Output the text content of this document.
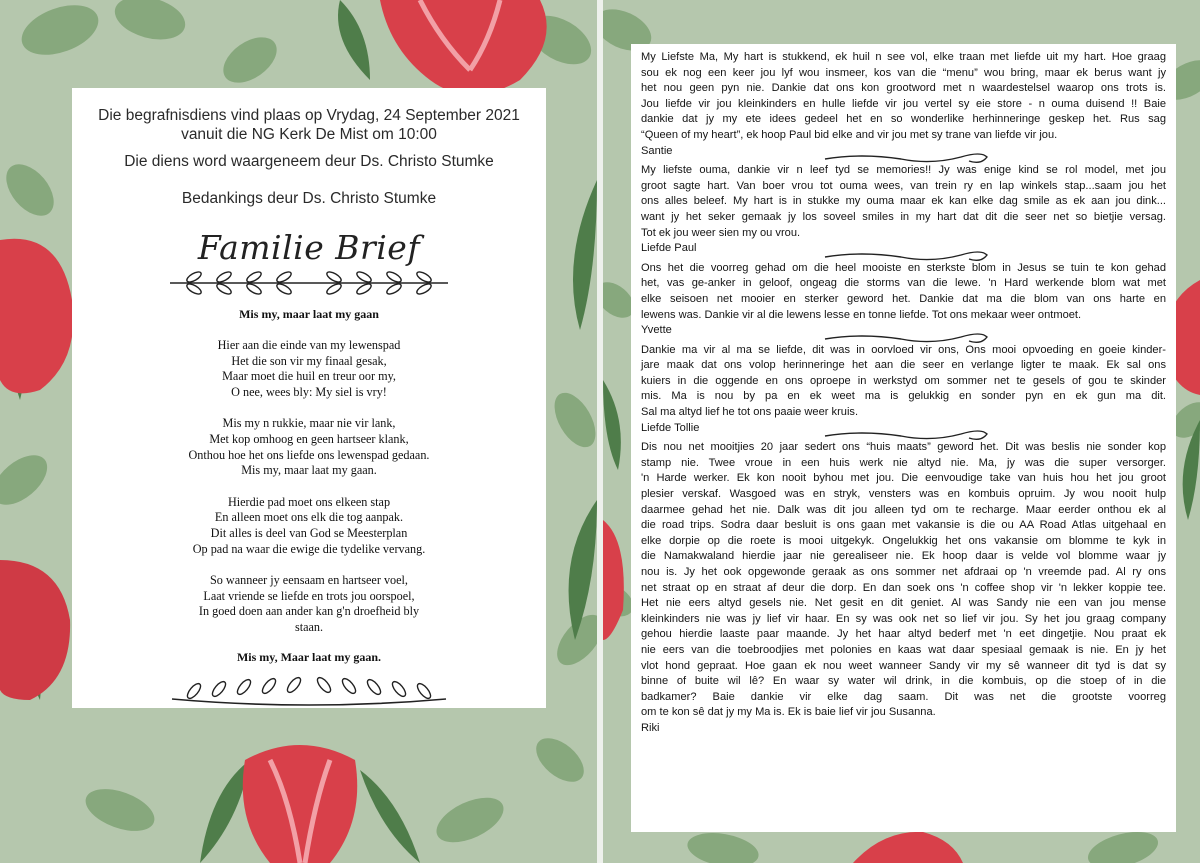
Die begrafnisdiens vind plaas op Vrydag, 24 September 2021

vanuit die NG Kerk De Mist om 10:00

Die diens word waargeneem deur Ds. Christo Stumke

Bedankings deur Ds. Christo Stumke

Familie Brief
Mis my, maar laat my gaan
Hier aan die einde van my lewenspad
Het die son vir my finaal gesak,
Maar moet die huil en treur oor my,
O nee, wees bly: My siel is vry!
Mis my n rukkie, maar nie vir lank,
Met kop omhoog en geen hartseer klank,
Onthou hoe het ons liefde ons lewenspad gedaan.
Mis my, maar laat my gaan.
Hierdie pad moet ons elkeen stap
En alleen moet ons elk die tog aanpak.
Dit alles is deel van God se Meesterplan
Op pad na waar die ewige die tydelike vervang.
So wanneer jy eensaam en hartseer voel,
Laat vriende se liefde en trots jou oorspoel,
In goed doen aan ander kan g'n droefheid bly
staan.
Mis my, Maar laat my gaan.
My Liefste Ma, My hart is stukkend, ek huil n see vol, elke traan met liefde uit my hart. Hoe graag
sou ek nog een keer jou lyf wou insmeer, kos van die “menu” wou bring, maar ek berus want jy
het nou geen pyn nie. Dankie dat ons kon grootword met n waardestelsel waarop ons trots is.
Jou liefde vir jou kleinkinders en hulle liefde vir jou vertel sy eie store - n ouma duisend !! Baie
dankie dat jy my ete idees gedeel het en so wonderlike herhinneringe geskep het. Rus sag
“Queen of my heart”, ek hoop Paul bid elke and vir jou met sy trane van liefde vir jou.
Santie
My liefste ouma, dankie vir n leef tyd se memories!! Jy was enige kind se rol model, met jou
groot sagte hart. Van boer vrou tot ouma wees, van trein ry en lap winkels stap...saam jou het
ons alles beleef. My hart is in stukke my ouma maar ek kan elke dag smile as ek aan jou dink...
want jy het seker gemaak jy los soveel smiles in my hart dat dit die seer net so bietjie versag.
Tot ek jou weer sien my ou vrou.
Liefde Paul
Ons het die voorreg gehad om die heel mooiste en sterkste blom in Jesus se tuin te kon gehad
het, vas ge-anker in geloof, ongeag die storms van die lewe. 'n Hard werkende blom wat met
elke seisoen net mooier en sterker geword het. Dankie dat ma die blom van ons harte en
lewens was. Dankie vir al die lewens lesse en tonne liefde. Tot ons mekaar weer ontmoet.
Yvette
Dankie ma vir al ma se liefde, dit was in oorvloed vir ons, Ons mooi opvoeding en goeie kinder-
jare maak dat ons volop herinneringe het aan die seer en verlange ligter te maak. Ek sal ons
kuiers in die oggende en ons oproepe in werkstyd om sommer net te gesels of gou te skinder
mis. Ma is nou by pa en ek weet ma is gelukkig en sonder pyn en ek gun ma dit.
Sal ma altyd lief he tot ons paaie weer kruis.
Liefde Tollie
Dis nou net mooitjies 20 jaar sedert ons “huis maats” geword het. Dit was beslis nie sonder kop
stamp nie. Twee vroue in een huis werk nie altyd nie. Ma, jy was die super versorger.
'n Harde werker. Ek kon nooit byhou met jou. Die eenvoudige take van huis hou het jou groot
plesier verskaf. Wasgoed was en stryk, vensters was en kombuis opruim. Jy wou nooit hulp
daarmee gehad het nie. Dalk was dit jou alleen tyd om te recharge. Maar eerder onthou ek al
die road trips. Sodra daar besluit is ons gaan met vakansie is die ou AA Road Atlas uitgehaal en
elke dorpie op die roete is mooi uitgekyk. Ongelukkig het ons vakansie om blomme te kyk in
die Namakwaland hierdie jaar nie gerealiseer nie. Ek hoop daar is velde vol blomme waar jy
nou is. Jy het ook opgewonde geraak as ons sommer net afdraai op 'n vreemde pad. Al ry ons
net straat op en straat af deur die dorp. En dan soek ons 'n coffee shop vir 'n lekker koppie tee.
Het nie eers altyd gesels nie. Net gesit en dit geniet. Al was Sandy nie een van jou mense
kleinkinders nie was jy lief vir haar. En sy was ook net so lief vir jou. Sy het jou graag company
gehou hierdie laaste paar maande. Jy het haar altyd bederf met 'n eet dingetjie. Nou praat ek
nie eers van die toebroodjies met polonies en kaas wat daar spesiaal gemaak is nie. En jy het
vlot hond gepraat. Hoe gaan ek nou weet wanneer Sandy vir my sê wanneer dit tyd is dat sy
binne of buite wil lê? En waar sy water wil drink, in die kombuis, op die stoep of in die
badkamer? Baie dankie vir elke dag saam. Dit was net die grootste voorreg
om te kon sê dat jy my Ma is. Ek is baie lief vir jou Susanna.
Riki
